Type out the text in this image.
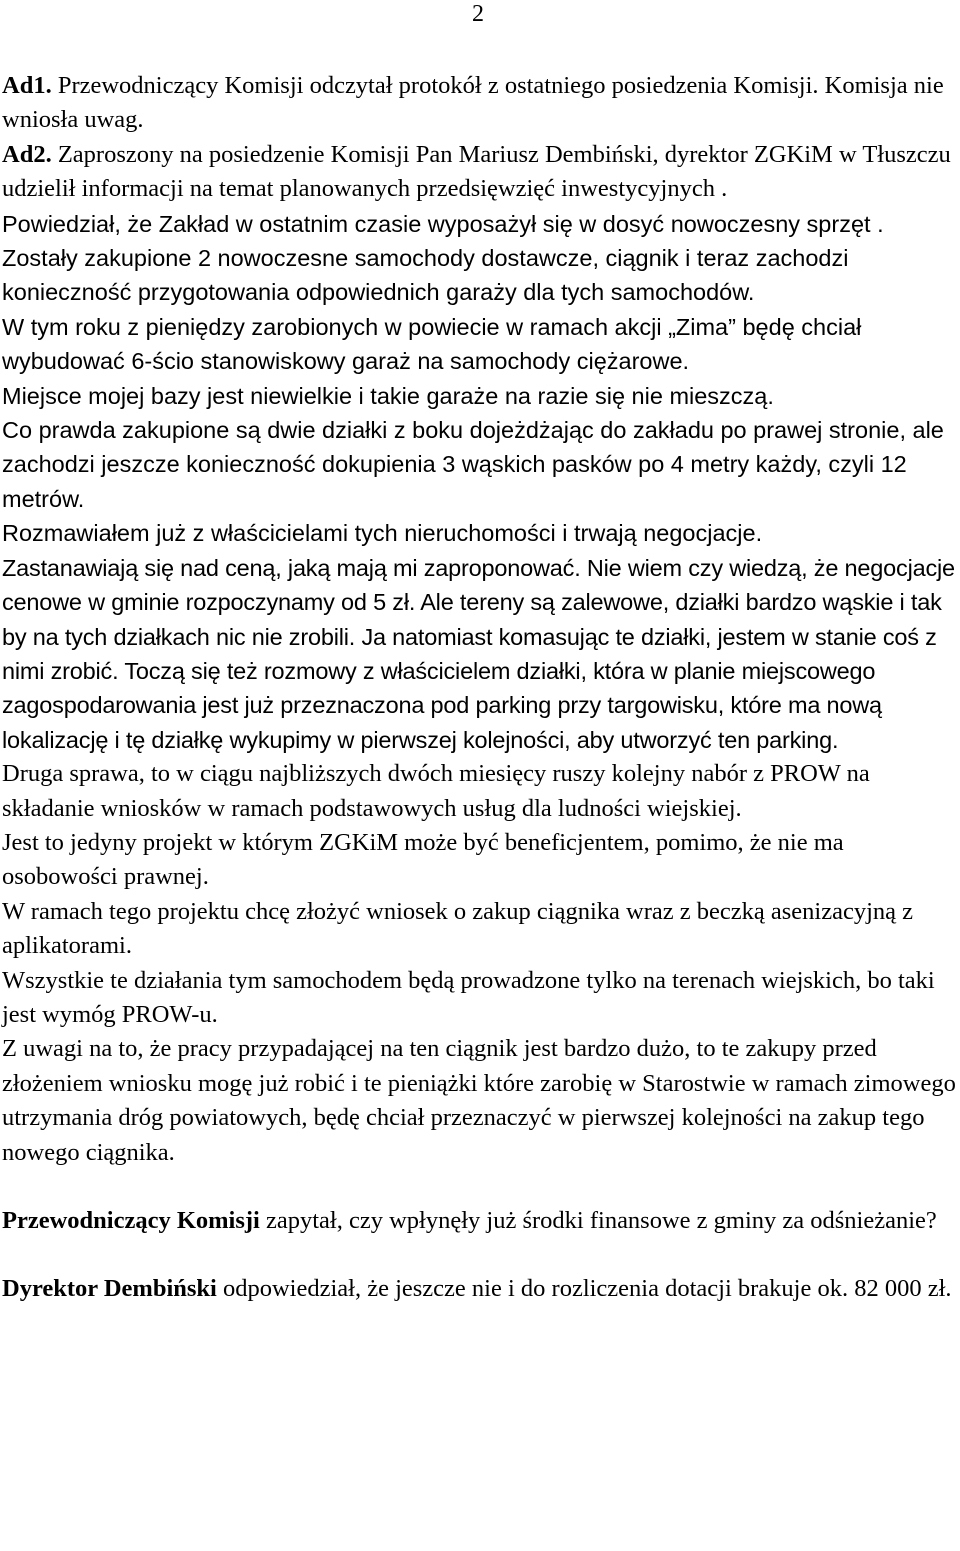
2

Ad1. Przewodniczący Komisji odczytał protokół z ostatniego posiedzenia Komisji. Komisja nie wniosła uwag.

Ad2. Zaproszony na posiedzenie Komisji Pan Mariusz Dembiński, dyrektor ZGKiM w Tłuszczu udzielił informacji na temat planowanych przedsięwzięć inwestycyjnych .

Powiedział, że Zakład w ostatnim czasie wyposażył się w dosyć nowoczesny sprzęt .

Zostały zakupione 2 nowoczesne samochody dostawcze, ciągnik i teraz zachodzi konieczność przygotowania odpowiednich garaży dla tych samochodów.

W tym roku z pieniędzy zarobionych w powiecie w ramach akcji „Zima” będę chciał wybudować 6-ścio stanowiskowy garaż na samochody ciężarowe.

Miejsce mojej bazy jest niewielkie i takie garaże na razie się nie mieszczą.

Co prawda zakupione są dwie działki z boku dojeżdżając do zakładu po prawej stronie, ale zachodzi jeszcze konieczność dokupienia 3 wąskich pasków po 4 metry każdy, czyli 12 metrów.

Rozmawiałem już z właścicielami tych nieruchomości i trwają negocjacje.

Zastanawiają się nad ceną, jaką mają mi zaproponować. Nie wiem czy wiedzą, że negocjacje cenowe w gminie rozpoczynamy od 5 zł. Ale tereny są zalewowe, działki bardzo wąskie i tak by na tych działkach nic nie zrobili. Ja natomiast komasując te działki, jestem w stanie coś z nimi zrobić. Toczą się też rozmowy z właścicielem działki, która w planie miejscowego zagospodarowania jest już przeznaczona pod parking przy targowisku, które ma nową lokalizację i tę działkę wykupimy w pierwszej kolejności, aby utworzyć ten parking.

Druga sprawa, to w ciągu najbliższych dwóch miesięcy ruszy kolejny nabór z PROW na składanie wniosków w ramach podstawowych usług dla ludności wiejskiej.

Jest to jedyny projekt w którym ZGKiM może być beneficjentem, pomimo, że nie ma osobowości prawnej.

W ramach tego projektu chcę złożyć wniosek o zakup ciągnika wraz z beczką asenizacyjną z aplikatorami.

Wszystkie te działania tym samochodem będą prowadzone tylko na terenach wiejskich, bo taki jest wymóg PROW-u.

Z uwagi na to, że pracy przypadającej na ten ciągnik jest bardzo dużo, to te zakupy przed złożeniem wniosku mogę już robić i te pieniążki które zarobię w Starostwie w ramach zimowego utrzymania dróg powiatowych, będę chciał przeznaczyć w pierwszej kolejności na zakup tego nowego ciągnika.

Przewodniczący Komisji zapytał, czy wpłynęły już środki finansowe z gminy za odśnieżanie?

Dyrektor Dembiński odpowiedział, że jeszcze nie i do rozliczenia dotacji brakuje ok. 82 000 zł.
